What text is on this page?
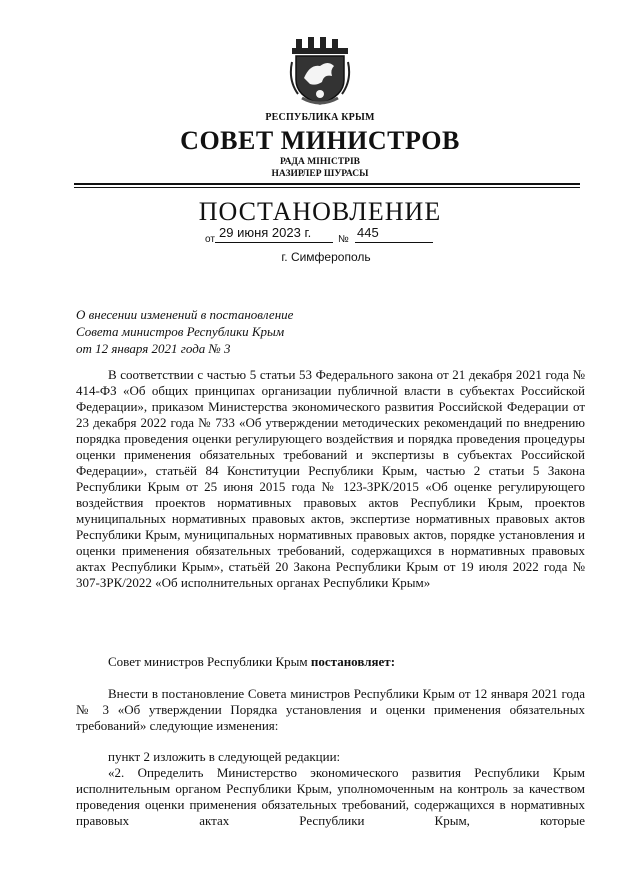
РЕСПУБЛИКА КРЫМ
СОВЕТ МИНИСТРОВ
РАДА МІНІСТРІВ
НАЗИРЛЕР ШУРАСЫ
ПОСТАНОВЛЕНИЕ
от 29 июня 2023 г.	№ 445
г. Симферополь
О внесении изменений в постановление
Совета министров Республики Крым
от 12 января 2021 года № 3
В соответствии с частью 5 статьи 53 Федерального закона от 21 декабря 2021 года № 414-ФЗ «Об общих принципах организации публичной власти в субъектах Российской Федерации», приказом Министерства экономического развития Российской Федерации от 23 декабря 2022 года № 733 «Об утверждении методических рекомендаций по внедрению порядка проведения оценки регулирующего воздействия и порядка проведения процедуры оценки применения обязательных требований и экспертизы в субъектах Российской Федерации», статьёй 84 Конституции Республики Крым, частью 2 статьи 5 Закона Республики Крым от 25 июня 2015 года № 123-ЗРК/2015 «Об оценке регулирующего воздействия проектов нормативных правовых актов Республики Крым, проектов муниципальных нормативных правовых актов, экспертизе нормативных правовых актов Республики Крым, муниципальных нормативных правовых актов, порядке установления и оценки применения обязательных требований, содержащихся в нормативных правовых актах Республики Крым», статьёй 20 Закона Республики Крым от 19 июля 2022 года № 307-ЗРК/2022 «Об исполнительных органах Республики Крым»
Совет министров Республики Крым постановляет:
Внести в постановление Совета министров Республики Крым от 12 января 2021 года № 3 «Об утверждении Порядка установления и оценки применения обязательных требований» следующие изменения:
пункт 2 изложить в следующей редакции:
«2. Определить Министерство экономического развития Республики Крым исполнительным органом Республики Крым, уполномоченным на контроль за качеством проведения оценки применения обязательных требований, содержащихся в нормативных правовых актах Республики Крым, которые
